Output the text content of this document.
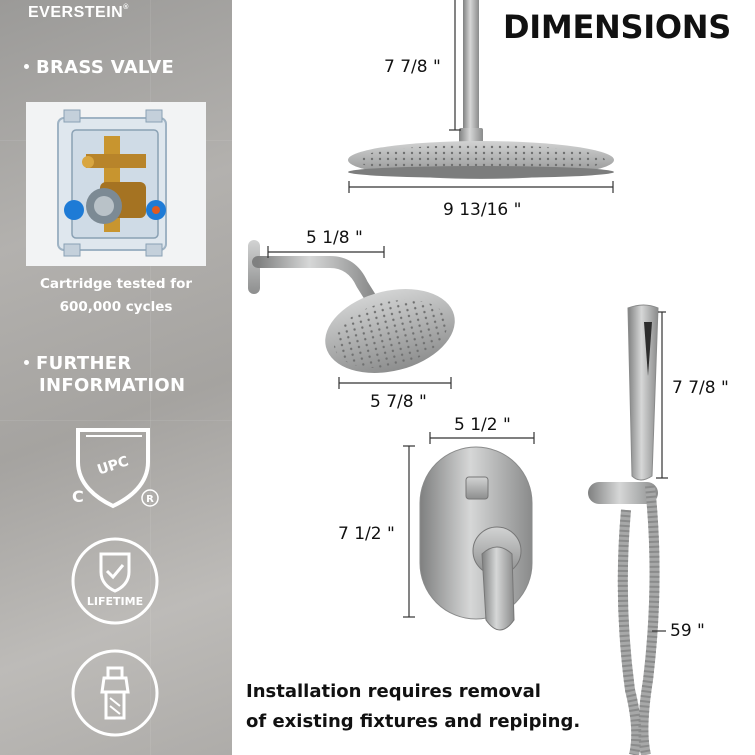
EVERSTEIN®
BRASS VALVE
Cartridge tested for
600,000 cycles
FURTHER
INFORMATION
UPC
C	R
LIFETIME
DIMENSIONS
7 7/8 "
9 13/16 "
5 1/8 "
5 7/8 "
5 1/2 "
7 1/2 "
7 7/8 "
59 "
Installation requires removal
of existing fixtures and repiping.
